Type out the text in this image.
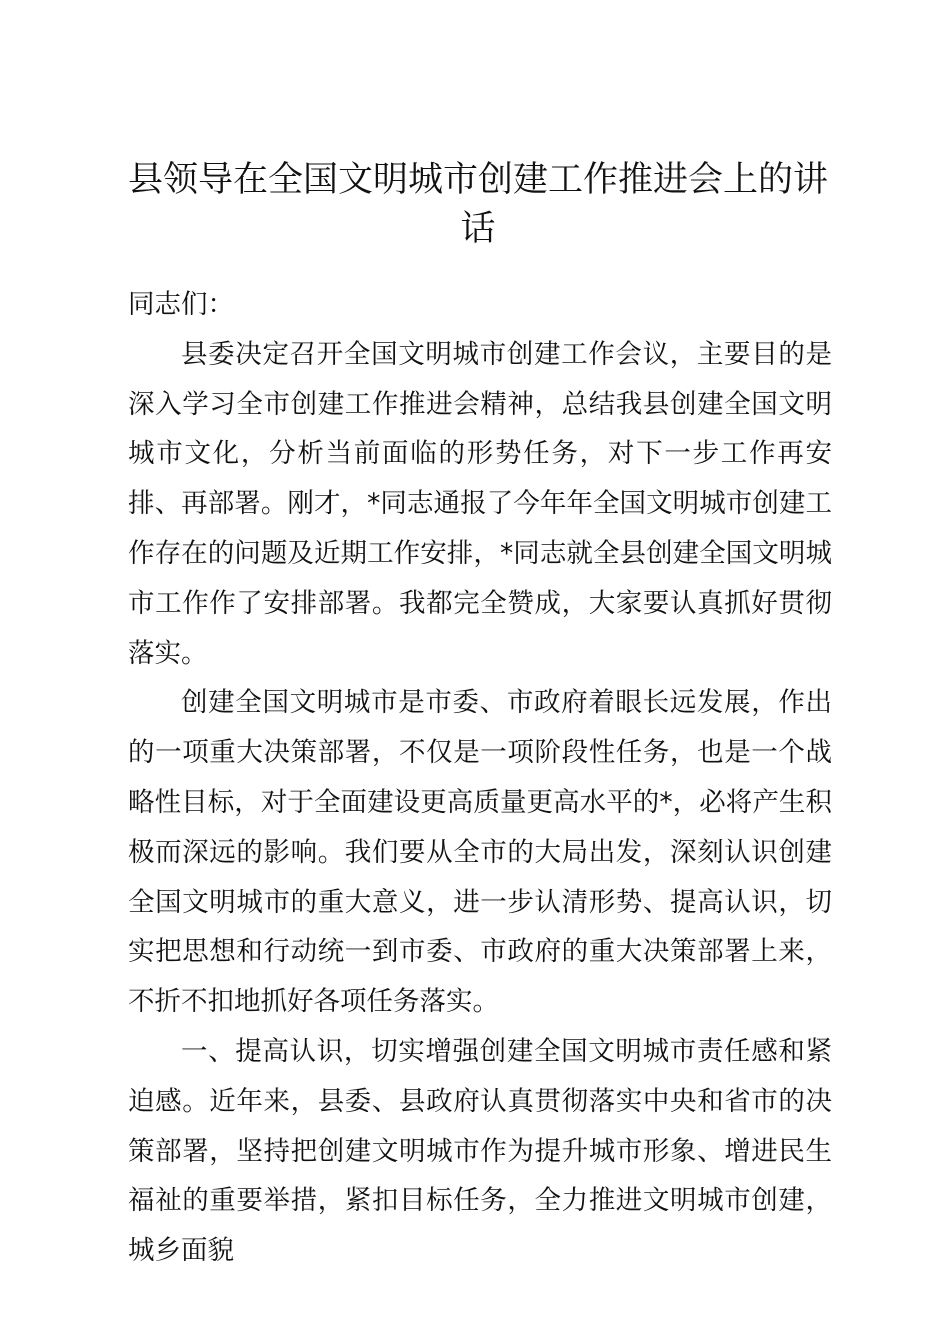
县领导在全国文明城市创建工作推进会上的讲话

同志们：

县委决定召开全国文明城市创建工作会议，主要目的是深入学习全市创建工作推进会精神，总结我县创建全国文明城市文化，分析当前面临的形势任务，对下一步工作再安排、再部署。刚才，*同志通报了今年年全国文明城市创建工作存在的问题及近期工作安排，*同志就全县创建全国文明城市工作作了安排部署。我都完全赞成，大家要认真抓好贯彻落实。

创建全国文明城市是市委、市政府着眼长远发展，作出的一项重大决策部署，不仅是一项阶段性任务，也是一个战略性目标，对于全面建设更高质量更高水平的*，必将产生积极而深远的影响。我们要从全市的大局出发，深刻认识创建全国文明城市的重大意义，进一步认清形势、提高认识，切实把思想和行动统一到市委、市政府的重大决策部署上来，不折不扣地抓好各项任务落实。

一、提高认识，切实增强创建全国文明城市责任感和紧迫感。近年来，县委、县政府认真贯彻落实中央和省市的决策部署，坚持把创建文明城市作为提升城市形象、增进民生福祉的重要举措，紧扣目标任务，全力推进文明城市创建，城乡面貌
